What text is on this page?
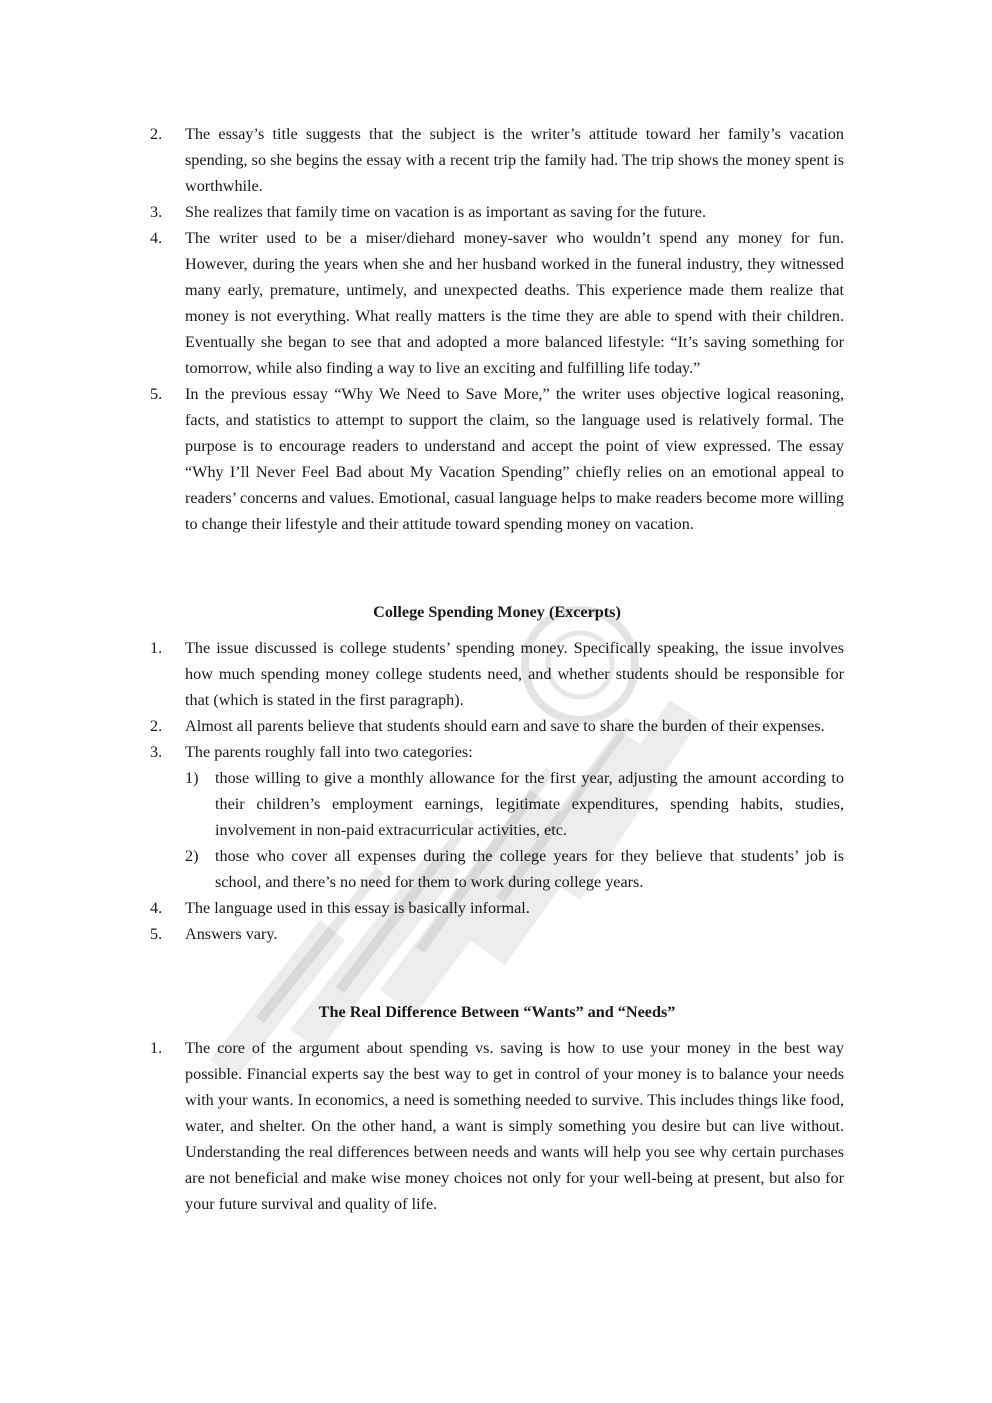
2. The essay’s title suggests that the subject is the writer’s attitude toward her family’s vacation spending, so she begins the essay with a recent trip the family had. The trip shows the money spent is worthwhile.
3. She realizes that family time on vacation is as important as saving for the future.
4. The writer used to be a miser/diehard money-saver who wouldn’t spend any money for fun. However, during the years when she and her husband worked in the funeral industry, they witnessed many early, premature, untimely, and unexpected deaths. This experience made them realize that money is not everything. What really matters is the time they are able to spend with their children. Eventually she began to see that and adopted a more balanced lifestyle: “It’s saving something for tomorrow, while also finding a way to live an exciting and fulfilling life today.”
5. In the previous essay “Why We Need to Save More,” the writer uses objective logical reasoning, facts, and statistics to attempt to support the claim, so the language used is relatively formal. The purpose is to encourage readers to understand and accept the point of view expressed. The essay “Why I’ll Never Feel Bad about My Vacation Spending” chiefly relies on an emotional appeal to readers’ concerns and values. Emotional, casual language helps to make readers become more willing to change their lifestyle and their attitude toward spending money on vacation.

College Spending Money (Excerpts)

1. The issue discussed is college students’ spending money. Specifically speaking, the issue involves how much spending money college students need, and whether students should be responsible for that (which is stated in the first paragraph).
2. Almost all parents believe that students should earn and save to share the burden of their expenses.
3. The parents roughly fall into two categories:
1) those willing to give a monthly allowance for the first year, adjusting the amount according to their children’s employment earnings, legitimate expenditures, spending habits, studies, involvement in non-paid extracurricular activities, etc.
2) those who cover all expenses during the college years for they believe that students’ job is school, and there’s no need for them to work during college years.
4. The language used in this essay is basically informal.
5. Answers vary.

The Real Difference Between “Wants” and “Needs”

1. The core of the argument about spending vs. saving is how to use your money in the best way possible. Financial experts say the best way to get in control of your money is to balance your needs with your wants. In economics, a need is something needed to survive. This includes things like food, water, and shelter. On the other hand, a want is simply something you desire but can live without. Understanding the real differences between needs and wants will help you see why certain purchases are not beneficial and make wise money choices not only for your well-being at present, but also for your future survival and quality of life.
